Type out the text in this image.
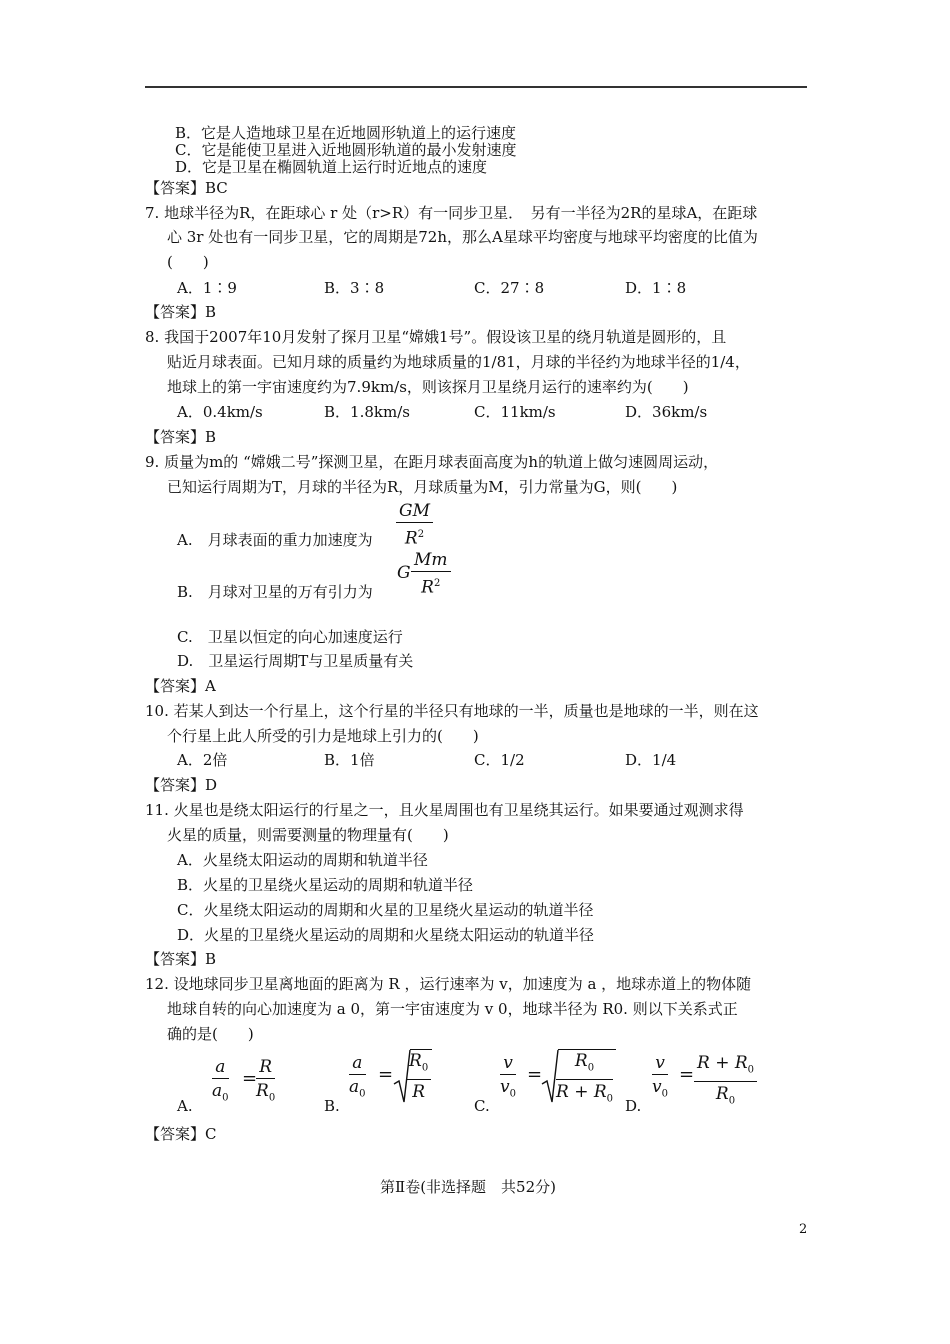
B．它是人造地球卫星在近地圆形轨道上的运行速度
C．它是能使卫星进入近地圆形轨道的最小发射速度
D．它是卫星在椭圆轨道上运行时近地点的速度
【答案】BC
7. 地球半径为R，在距球心 r 处（r>R）有一同步卫星．　另有一半径为2R的星球A，在距球
心 3r 处也有一同步卫星，它的周期是72h，那么A星球平均密度与地球平均密度的比值为
(　　)
A．1∶9	B．3∶8	C．27∶8	D．1∶8
【答案】B
8. 我国于2007年10月发射了探月卫星“嫦娥1号”。假设该卫星的绕月轨道是圆形的，且
贴近月球表面。已知月球的质量约为地球质量的1/81，月球的半径约为地球半径的1/4，
地球上的第一宇宙速度约为7.9km/s，则该探月卫星绕月运行的速率约为(　　)
A．0.4km/s	B．1.8km/s	C．11km/s	D．36km/s
【答案】B
9. 质量为m的 “嫦娥二号”探测卫星，在距月球表面高度为h的轨道上做匀速圆周运动，
已知运行周期为T，月球的半径为R，月球质量为M，引力常量为G，则(　　)
A.　月球表面的重力加速度为 $\frac{GM}{R^2}$
B.　月球对卫星的万有引力为
G $\frac{Mm}{R^2}$
C.　卫星以恒定的向心加速度运行
D.　卫星运行周期T与卫星质量有关
【答案】A
10. 若某人到达一个行星上，这个行星的半径只有地球的一半，质量也是地球的一半，则在这
个行星上此人所受的引力是地球上引力的(　　)
A．2倍	B．1倍	C．1/2	D．1/4
【答案】D
11. 火星也是绕太阳运行的行星之一，且火星周围也有卫星绕其运行。如果要通过观测求得
火星的质量，则需要测量的物理量有(　　)
A．火星绕太阳运动的周期和轨道半径
B．火星的卫星绕火星运动的周期和轨道半径
C．火星绕太阳运动的周期和火星的卫星绕火星运动的轨道半径
D．火星的卫星绕火星运动的周期和火星绕太阳运动的轨道半径
【答案】B
12. 设地球同步卫星离地面的距离为 R ，运行速率为 v，加速度为 a ，地球赤道上的物体随
地球自转的向心加速度为 a 0，第一宇宙速度为 v 0，地球半径为 R0. 则以下关系式正
确的是(　　)
A. $\frac{a}{a_0}$ =
$\frac{R}{R_0}$	B. $\frac{a}{a_0} = \frac{R_0}{R}$
C. $\frac{v}{v_0} = \frac{R_0}{R + R_0} D$. $\frac{v}{v_0} = \frac{R + R_0}{R_0}$
【答案】C
第Ⅱ卷(非选择题　共52分)
2
